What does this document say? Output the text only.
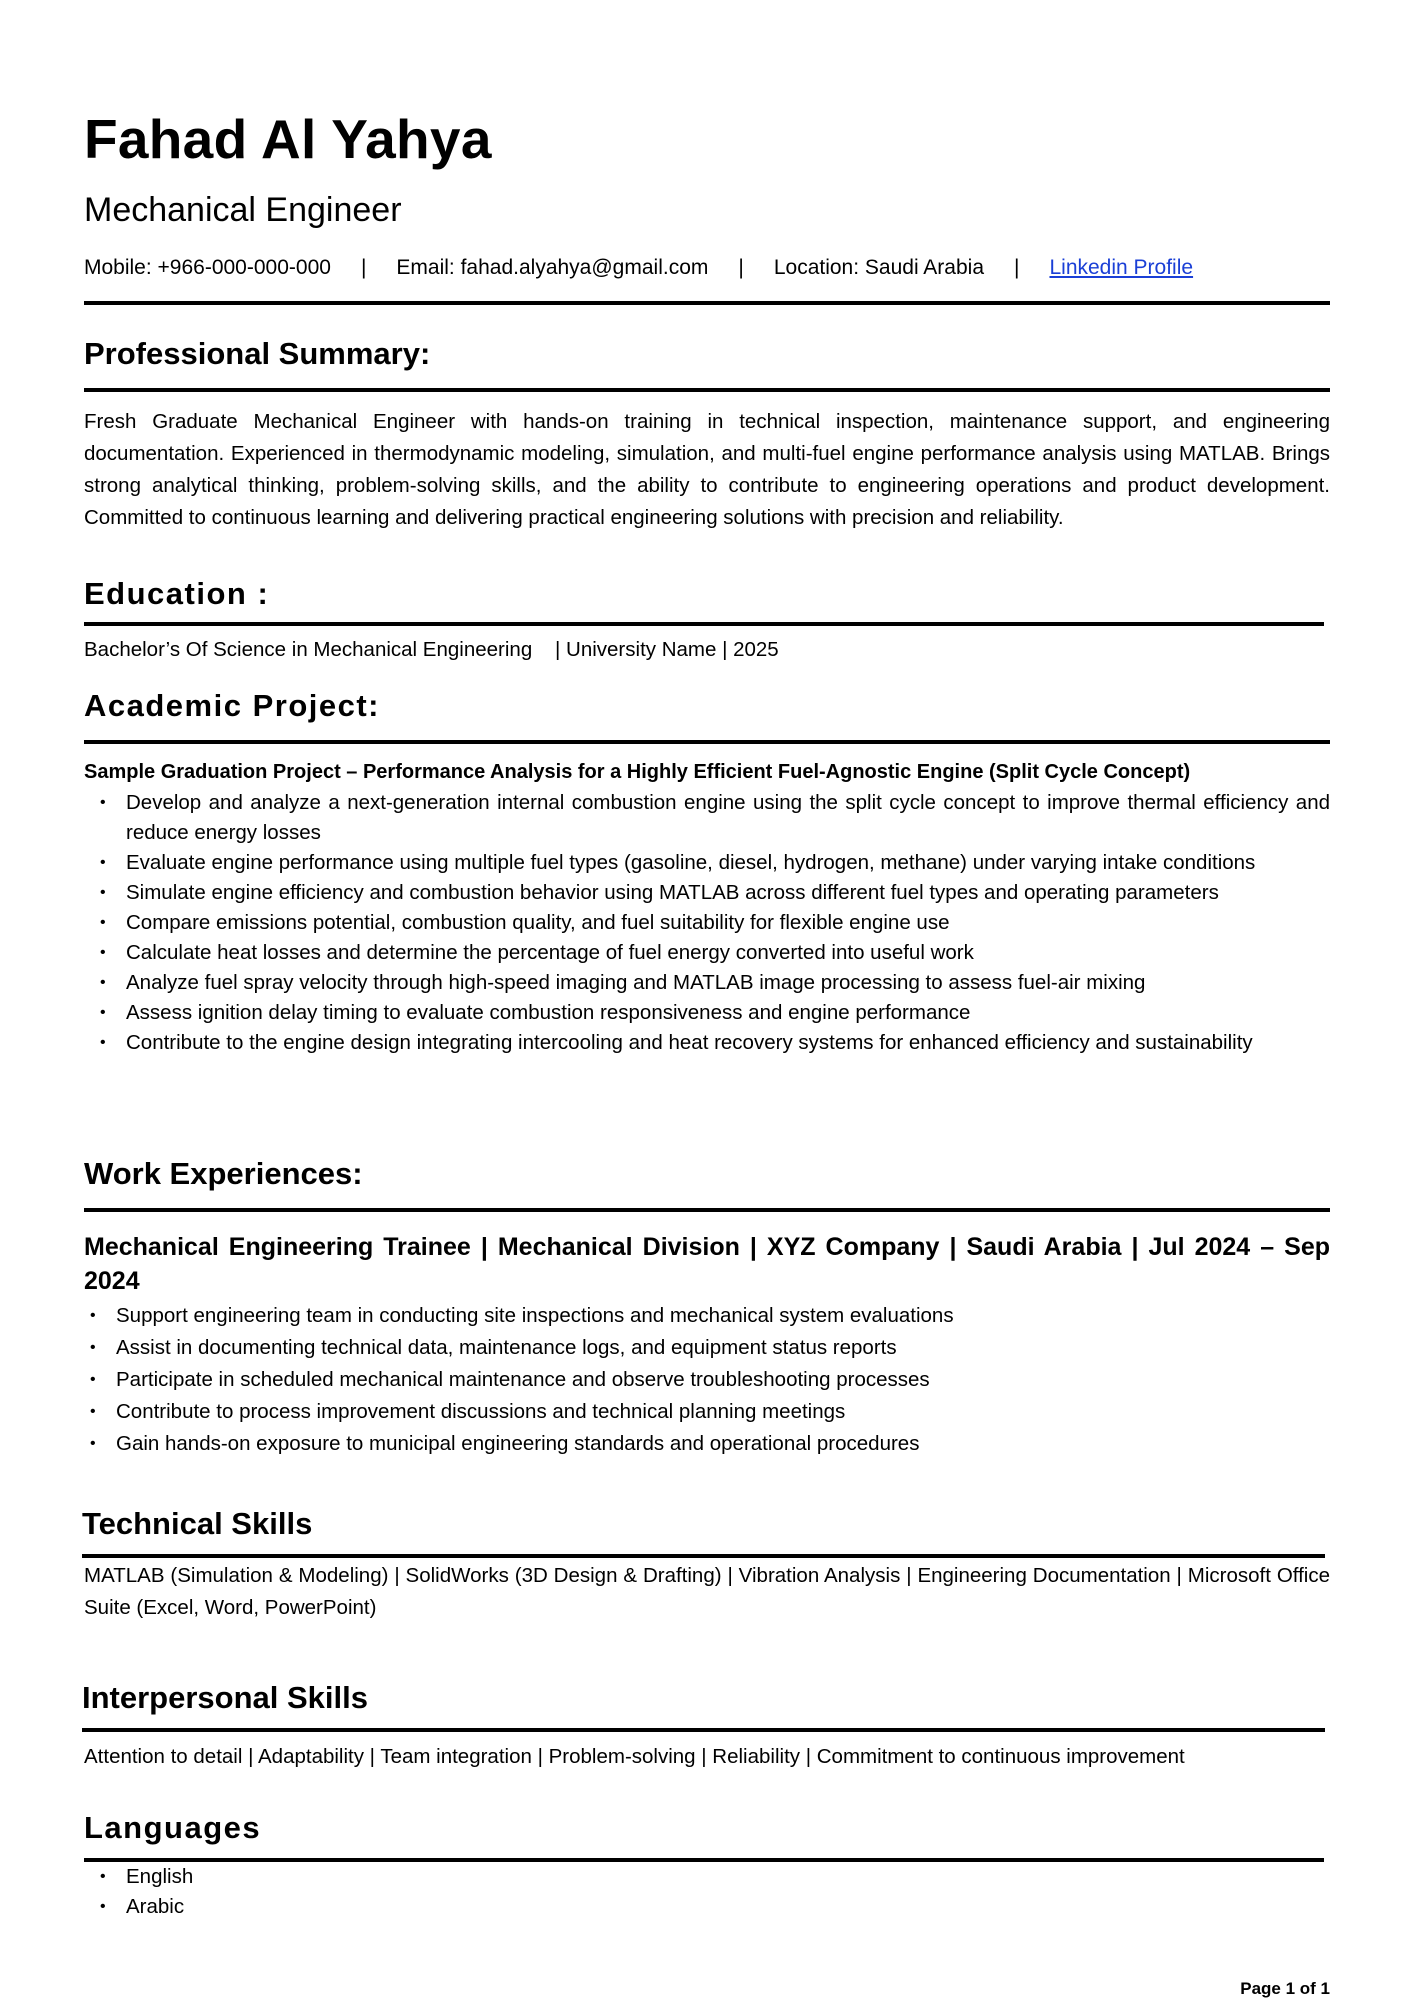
Fahad Al Yahya
Mechanical Engineer
Mobile: +966-000-000-000 | Email: fahad.alyahya@gmail.com | Location: Saudi Arabia | Linkedin Profile
Professional Summary:
Fresh Graduate Mechanical Engineer with hands-on training in technical inspection, maintenance support, and engineering documentation. Experienced in thermodynamic modeling, simulation, and multi-fuel engine performance analysis using MATLAB. Brings strong analytical thinking, problem-solving skills, and the ability to contribute to engineering operations and product development. Committed to continuous learning and delivering practical engineering solutions with precision and reliability.
Education :
Bachelor’s Of Science in Mechanical Engineering    | University Name | 2025
Academic Project:
Sample Graduation Project – Performance Analysis for a Highly Efficient Fuel-Agnostic Engine (Split Cycle Concept)
• Develop and analyze a next-generation internal combustion engine using the split cycle concept to improve thermal efficiency and reduce energy losses
• Evaluate engine performance using multiple fuel types (gasoline, diesel, hydrogen, methane) under varying intake conditions
• Simulate engine efficiency and combustion behavior using MATLAB across different fuel types and operating parameters
• Compare emissions potential, combustion quality, and fuel suitability for flexible engine use
• Calculate heat losses and determine the percentage of fuel energy converted into useful work
• Analyze fuel spray velocity through high-speed imaging and MATLAB image processing to assess fuel-air mixing
• Assess ignition delay timing to evaluate combustion responsiveness and engine performance
• Contribute to the engine design integrating intercooling and heat recovery systems for enhanced efficiency and sustainability
Work Experiences:
Mechanical Engineering Trainee | Mechanical Division | XYZ Company | Saudi Arabia | Jul 2024 – Sep 2024
• Support engineering team in conducting site inspections and mechanical system evaluations
• Assist in documenting technical data, maintenance logs, and equipment status reports
• Participate in scheduled mechanical maintenance and observe troubleshooting processes
• Contribute to process improvement discussions and technical planning meetings
• Gain hands-on exposure to municipal engineering standards and operational procedures
Technical Skills
MATLAB (Simulation & Modeling) | SolidWorks (3D Design & Drafting) | Vibration Analysis | Engineering Documentation | Microsoft Office Suite (Excel, Word, PowerPoint)
Interpersonal Skills
Attention to detail | Adaptability | Team integration | Problem-solving | Reliability | Commitment to continuous improvement
Languages
• English
• Arabic
Page 1 of 1
